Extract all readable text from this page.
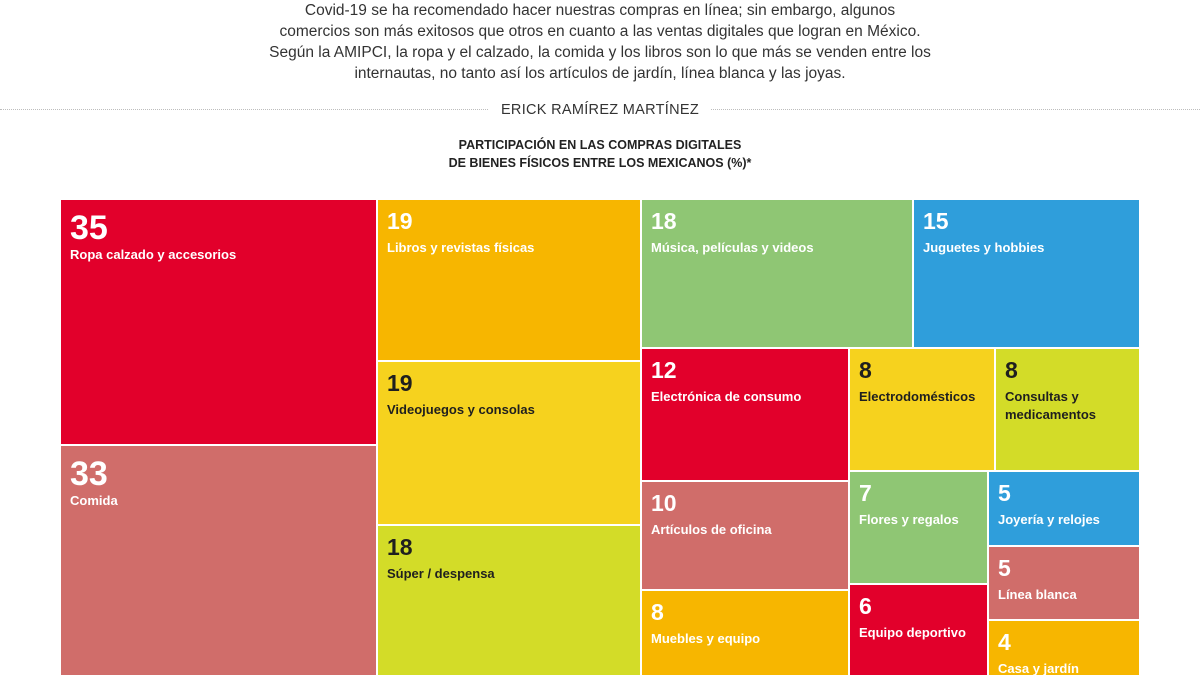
Covid-19 se ha recomendado hacer nuestras compras en línea; sin embargo, algunos
comercios son más exitosos que otros en cuanto a las ventas digitales que logran en México.
Según la AMIPCI, la ropa y el calzado, la comida y los libros son lo que más se venden entre los
internautas, no tanto así los artículos de jardín, línea blanca y las joyas.

ERICK RAMÍREZ MARTÍNEZ
PARTICIPACIÓN EN LAS COMPRAS DIGITALES
DE BIENES FÍSICOS ENTRE LOS MEXICANOS (%)*
35
Ropa calzado y accesorios
33
Comida
19
Libros y revistas físicas
19
Videojuegos y consolas
18
Súper / despensa
18
Música, películas y videos
15
Juguetes y hobbies
12
Electrónica de consumo
8
Electrodomésticos
8
Consultas y medicamentos
10
Artículos de oficina
7
Flores y regalos
5
Joyería y relojes
5
Línea blanca
8
Muebles y equipo
6
Equipo deportivo	4
Casa y jardín
